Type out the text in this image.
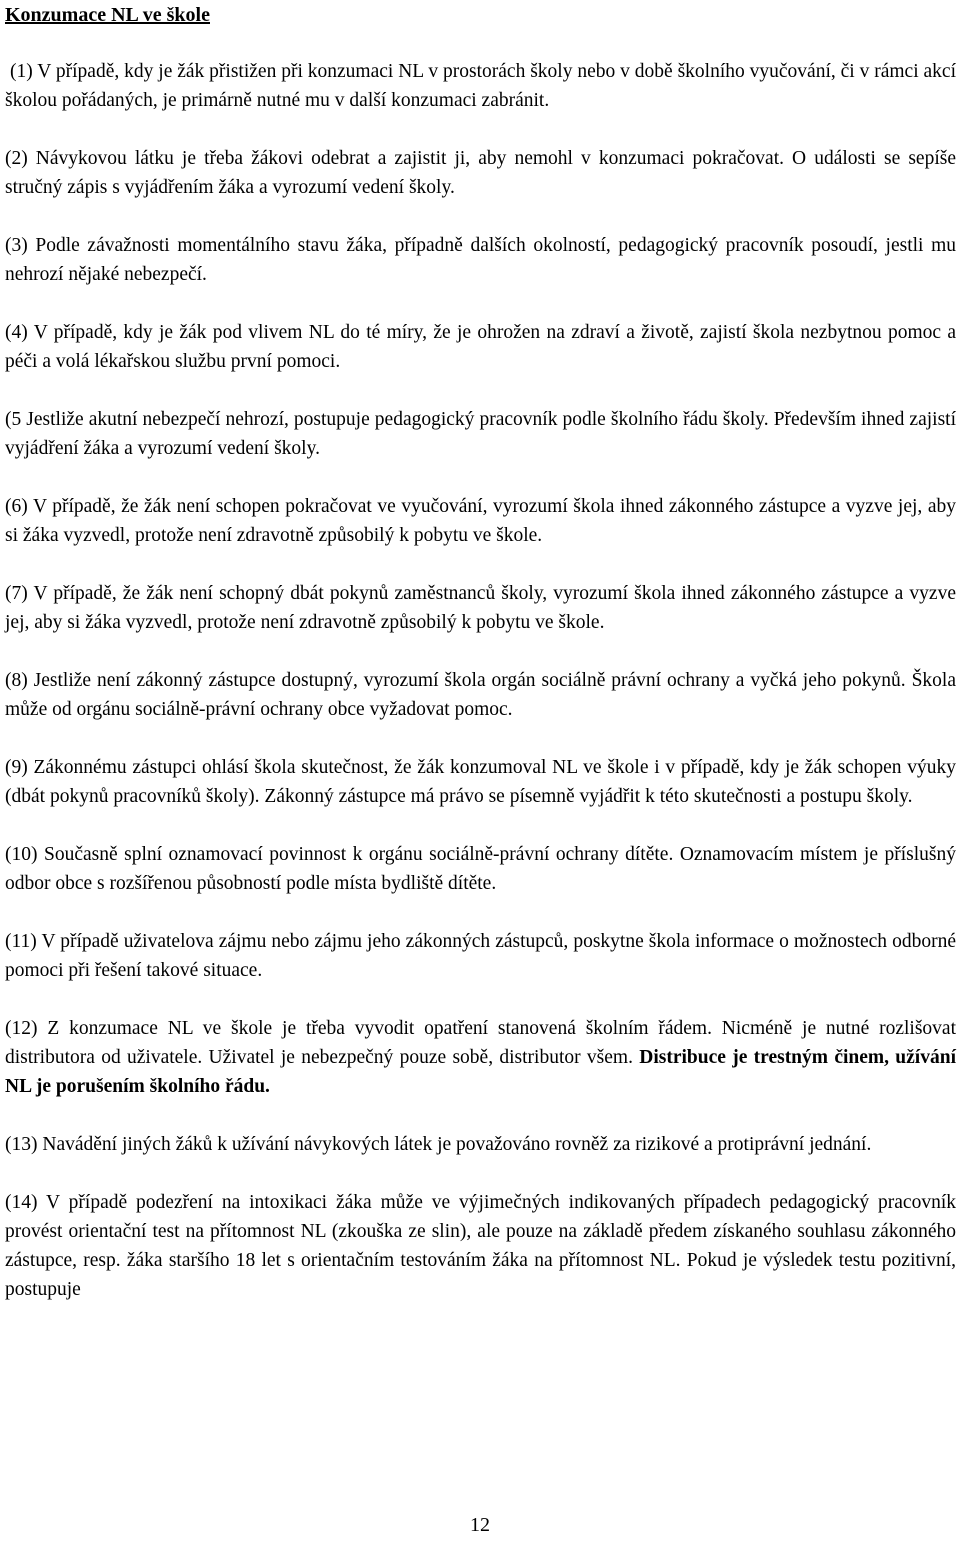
Konzumace NL ve škole

(1) V případě, kdy je žák přistižen při konzumaci NL v prostorách školy nebo v době školního vyučování, či v rámci akcí školou pořádaných, je primárně nutné mu v další konzumaci zabránit.

(2) Návykovou látku je třeba žákovi odebrat a zajistit ji, aby nemohl v konzumaci pokračovat. O události se sepíše stručný zápis s vyjádřením žáka a vyrozumí vedení školy.

(3) Podle závažnosti momentálního stavu žáka, případně dalších okolností, pedagogický pracovník posoudí, jestli mu nehrozí nějaké nebezpečí.

(4) V případě, kdy je žák pod vlivem NL do té míry, že je ohrožen na zdraví a životě, zajistí škola nezbytnou pomoc a péči a volá lékařskou službu první pomoci.

(5 Jestliže akutní nebezpečí nehrozí, postupuje pedagogický pracovník podle školního řádu školy. Především ihned zajistí vyjádření žáka a vyrozumí vedení školy.

(6) V případě, že žák není schopen pokračovat ve vyučování, vyrozumí škola ihned zákonného zástupce a vyzve jej, aby si žáka vyzvedl, protože není zdravotně způsobilý k pobytu ve škole.

(7) V případě, že žák není schopný dbát pokynů zaměstnanců školy, vyrozumí škola ihned zákonného zástupce a vyzve jej, aby si žáka vyzvedl, protože není zdravotně způsobilý k pobytu ve škole.

(8) Jestliže není zákonný zástupce dostupný, vyrozumí škola orgán sociálně právní ochrany a vyčká jeho pokynů. Škola může od orgánu sociálně-právní ochrany obce vyžadovat pomoc.

(9) Zákonnému zástupci ohlásí škola skutečnost, že žák konzumoval NL ve škole i v případě, kdy je žák schopen výuky (dbát pokynů pracovníků školy). Zákonný zástupce má právo se písemně vyjádřit k této skutečnosti a postupu školy.

(10) Současně splní oznamovací povinnost k orgánu sociálně-právní ochrany dítěte. Oznamovacím místem je příslušný odbor obce s rozšířenou působností podle místa bydliště dítěte.

(11) V případě uživatelova zájmu nebo zájmu jeho zákonných zástupců, poskytne škola informace o možnostech odborné pomoci při řešení takové situace.

(12) Z konzumace NL ve škole je třeba vyvodit opatření stanovená školním řádem. Nicméně je nutné rozlišovat distributora od uživatele. Uživatel je nebezpečný pouze sobě, distributor všem. Distribuce je trestným činem, užívání NL je porušením školního řádu.

(13) Navádění jiných žáků k užívání návykových látek je považováno rovněž za rizikové a protiprávní jednání.

(14) V případě podezření na intoxikaci žáka může ve výjimečných indikovaných případech pedagogický pracovník provést orientační test na přítomnost NL (zkouška ze slin), ale pouze na základě předem získaného souhlasu zákonného zástupce, resp. žáka staršího 18 let s orientačním testováním žáka na přítomnost NL. Pokud je výsledek testu pozitivní, postupuje

12
